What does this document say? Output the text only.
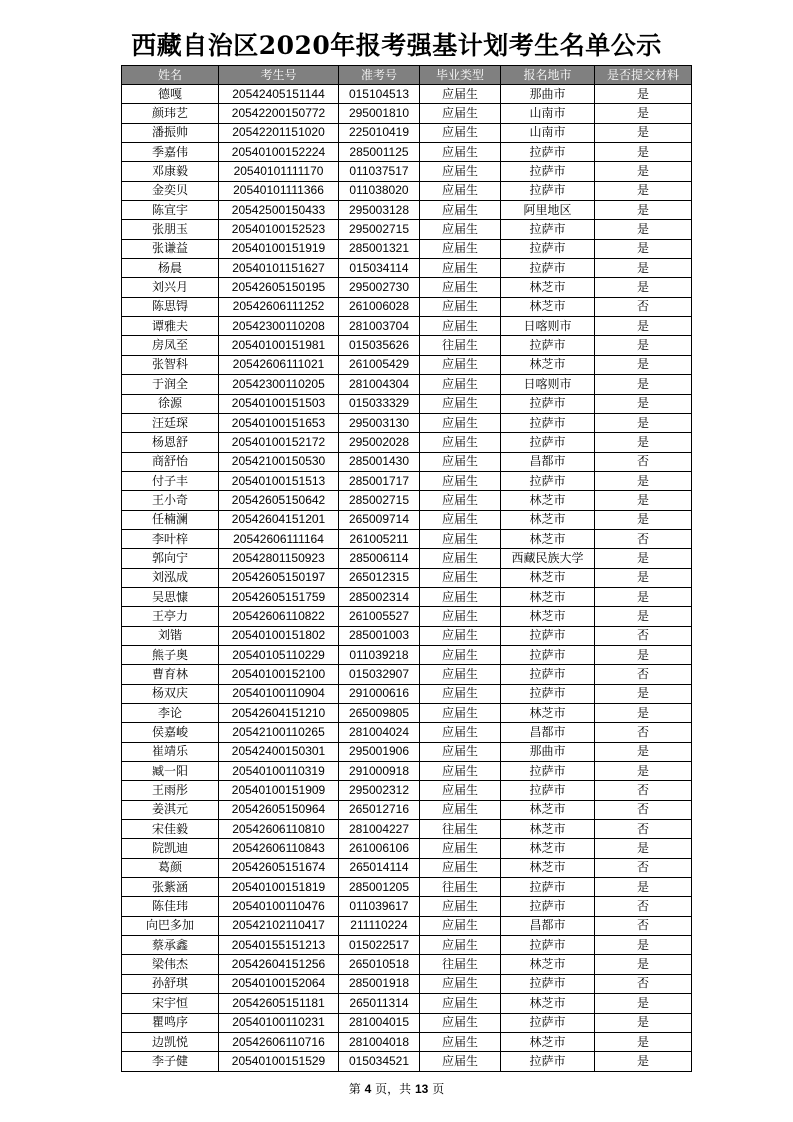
西藏自治区2020年报考强基计划考生名单公示
姓名	考生号	准考号	毕业类型	报名地市	是否提交材料
德嘎	20542405151144	015104513	应届生	那曲市	是
颜玮艺	20542200150772	295001810	应届生	山南市	是
潘振帅	20542201151020	225010419	应届生	山南市	是
季嘉伟	20540100152224	285001125	应届生	拉萨市	是
邓康毅	20540101111170	011037517	应届生	拉萨市	是
金奕贝	20540101111366	011038020	应届生	拉萨市	是
陈宣宇	20542500150433	295003128	应届生	阿里地区	是
张朋玉	20540100152523	295002715	应届生	拉萨市	是
张谦益	20540100151919	285001321	应届生	拉萨市	是
杨晨	20540101151627	015034114	应届生	拉萨市	是
刘兴月	20542605150195	295002730	应届生	林芝市	是
陈思锝	20542606111252	261006028	应届生	林芝市	否
谭雅夫	20542300110208	281003704	应届生	日喀则市	是
房凤至	20540100151981	015035626	往届生	拉萨市	是
张智科	20542606111021	261005429	应届生	林芝市	是
于润全	20542300110205	281004304	应届生	日喀则市	是
徐源	20540100151503	015033329	应届生	拉萨市	是
汪廷琛	20540100151653	295003130	应届生	拉萨市	是
杨恩舒	20540100152172	295002028	应届生	拉萨市	是
商舒怡	20542100150530	285001430	应届生	昌都市	否
付子丰	20540100151513	285001717	应届生	拉萨市	是
王小奇	20542605150642	285002715	应届生	林芝市	是
任楠澜	20542604151201	265009714	应届生	林芝市	是
李叶梓	20542606111164	261005211	应届生	林芝市	否
郭向宁	20542801150923	285006114	应届生	西藏民族大学	是
刘泓成	20542605150197	265012315	应届生	林芝市	是
吴思慷	20542605151759	285002314	应届生	林芝市	是
王亭力	20542606110822	261005527	应届生	林芝市	是
刘锴	20540100151802	285001003	应届生	拉萨市	否
熊子奥	20540105110229	011039218	应届生	拉萨市	是
曹育林	20540100152100	015032907	应届生	拉萨市	否
杨双庆	20540100110904	291000616	应届生	拉萨市	是
李论	20542604151210	265009805	应届生	林芝市	是
侯嘉峻	20542100110265	281004024	应届生	昌都市	否
崔靖乐	20542400150301	295001906	应届生	那曲市	是
臧一阳	20540100110319	291000918	应届生	拉萨市	是
王雨彤	20540100151909	295002312	应届生	拉萨市	否
姜淇元	20542605150964	265012716	应届生	林芝市	否
宋佳毅	20542606110810	281004227	往届生	林芝市	否
院凯迪	20542606110843	261006106	应届生	林芝市	是
葛颜	20542605151674	265014114	应届生	林芝市	否
张紫涵	20540100151819	285001205	往届生	拉萨市	是
陈佳玮	20540100110476	011039617	应届生	拉萨市	否
向巴多加	20542102110417	211110224	应届生	昌都市	否
蔡承鑫	20540155151213	015022517	应届生	拉萨市	是
梁伟杰	20542604151256	265010518	往届生	林芝市	是
孙舒琪	20540100152064	285001918	应届生	拉萨市	否
宋宇恒	20542605151181	265011314	应届生	林芝市	是
瞿鸣序	20540100110231	281004015	应届生	拉萨市	是
边凯悦	20542606110716	281004018	应届生	林芝市	是
李子健	20540100151529	015034521	应届生	拉萨市	是
第 4 页，共 13 页
